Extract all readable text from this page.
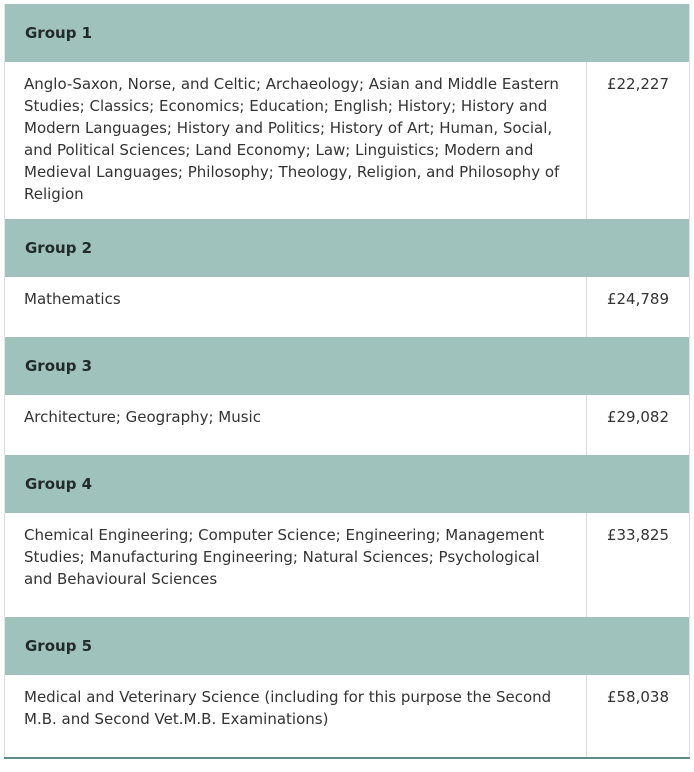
Group 1	
Anglo-Saxon, Norse, and Celtic; Archaeology; Asian and Middle Eastern Studies; Classics; Economics; Education; English; History; History and Modern Languages; History and Politics; History of Art; Human, Social, and Political Sciences; Land Economy; Law; Linguistics; Modern and Medieval Languages; Philosophy; Theology, Religion, and Philosophy of Religion	£22,227
Group 2	
Mathematics	£24,789
Group 3	
Architecture; Geography; Music	£29,082
Group 4	
Chemical Engineering; Computer Science; Engineering; Management Studies; Manufacturing Engineering; Natural Sciences; Psychological and Behavioural Sciences	£33,825
Group 5	
Medical and Veterinary Science (including for this purpose the Second M.B. and Second Vet.M.B. Examinations)	£58,038
